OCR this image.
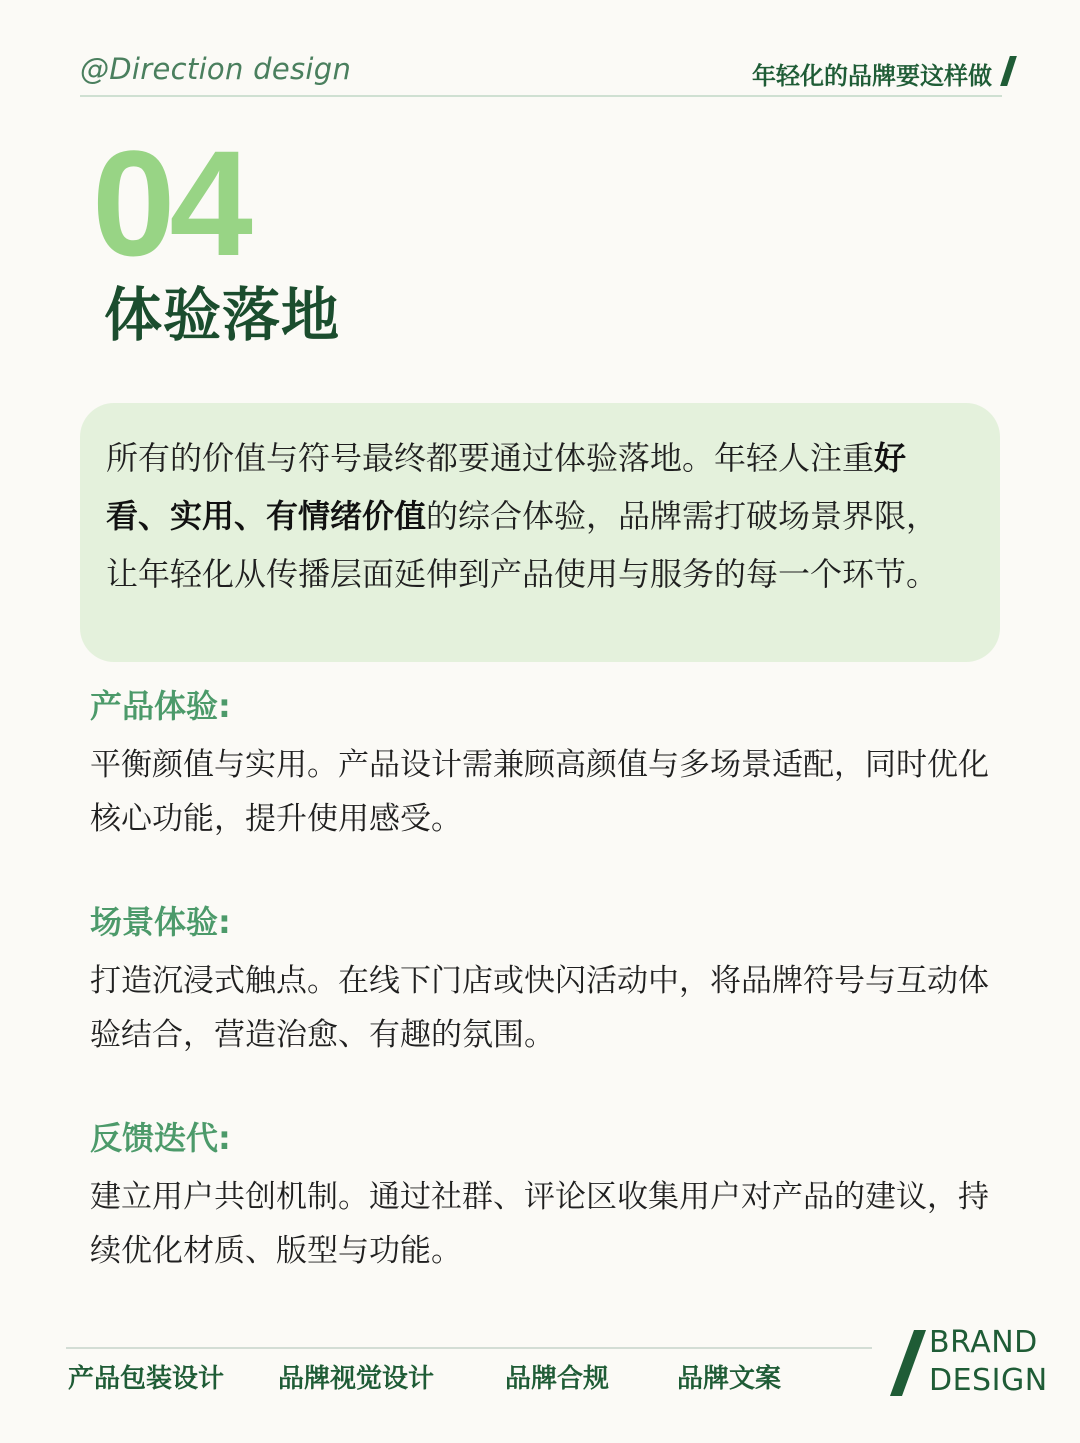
@Direction design	年轻化的品牌要这样做
04
体验落地

所有的价值与符号最终都要通过体验落地。年轻人注重好看、实用、有情绪价值的综合体验，品牌需打破场景界限，让年轻化从传播层面延伸到产品使用与服务的每一个环节。

产品体验:

平衡颜值与实用。产品设计需兼顾高颜值与多场景适配，同时优化核心功能，提升使用感受。

场景体验:

打造沉浸式触点。在线下门店或快闪活动中，将品牌符号与互动体验结合，营造治愈、有趣的氛围。

反馈迭代:

建立用户共创机制。通过社群、评论区收集用户对产品的建议，持续优化材质、版型与功能。

产品包装设计 品牌视觉设计	品牌合规	品牌文案
BRAND
DESIGN
